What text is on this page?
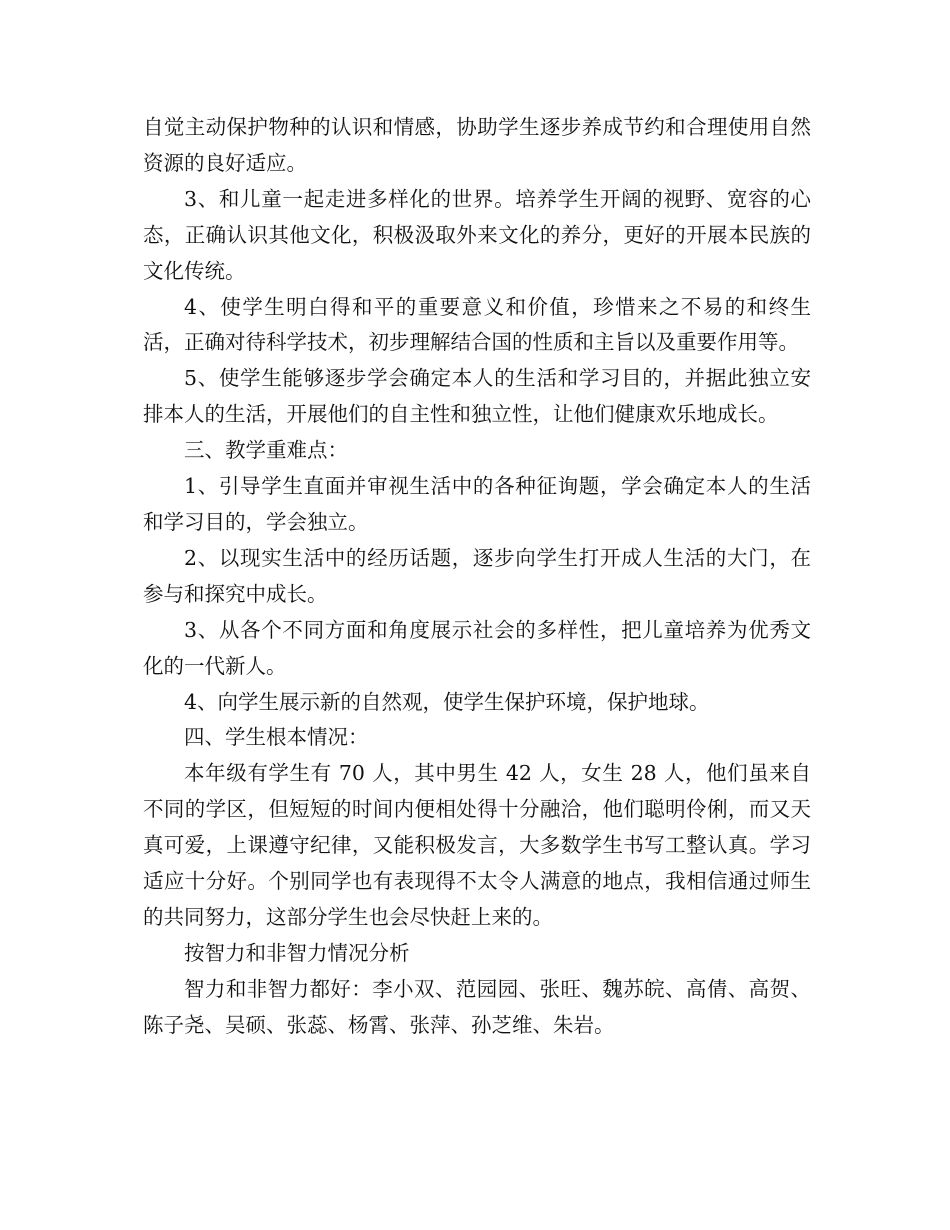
自觉主动保护物种的认识和情感，协助学生逐步养成节约和合理使用自然资源的良好适应。

3、和儿童一起走进多样化的世界。培养学生开阔的视野、宽容的心态，正确认识其他文化，积极汲取外来文化的养分，更好的开展本民族的文化传统。

4、使学生明白得和平的重要意义和价值，珍惜来之不易的和终生活，正确对待科学技术，初步理解结合国的性质和主旨以及重要作用等。

5、使学生能够逐步学会确定本人的生活和学习目的，并据此独立安排本人的生活，开展他们的自主性和独立性，让他们健康欢乐地成长。

三、教学重难点：

1、引导学生直面并审视生活中的各种征询题，学会确定本人的生活和学习目的，学会独立。

2、以现实生活中的经历话题，逐步向学生打开成人生活的大门，在参与和探究中成长。

3、从各个不同方面和角度展示社会的多样性，把儿童培养为优秀文化的一代新人。

4、向学生展示新的自然观，使学生保护环境，保护地球。

四、学生根本情况：

本年级有学生有 70 人，其中男生 42 人，女生 28 人，他们虽来自不同的学区，但短短的时间内便相处得十分融洽，他们聪明伶俐，而又天真可爱，上课遵守纪律，又能积极发言，大多数学生书写工整认真。学习适应十分好。个别同学也有表现得不太令人满意的地点，我相信通过师生的共同努力，这部分学生也会尽快赶上来的。

按智力和非智力情况分析

智力和非智力都好：李小双、范园园、张旺、魏苏皖、高倩、高贺、陈子尧、吴硕、张蕊、杨霄、张萍、孙芝维、朱岩。
